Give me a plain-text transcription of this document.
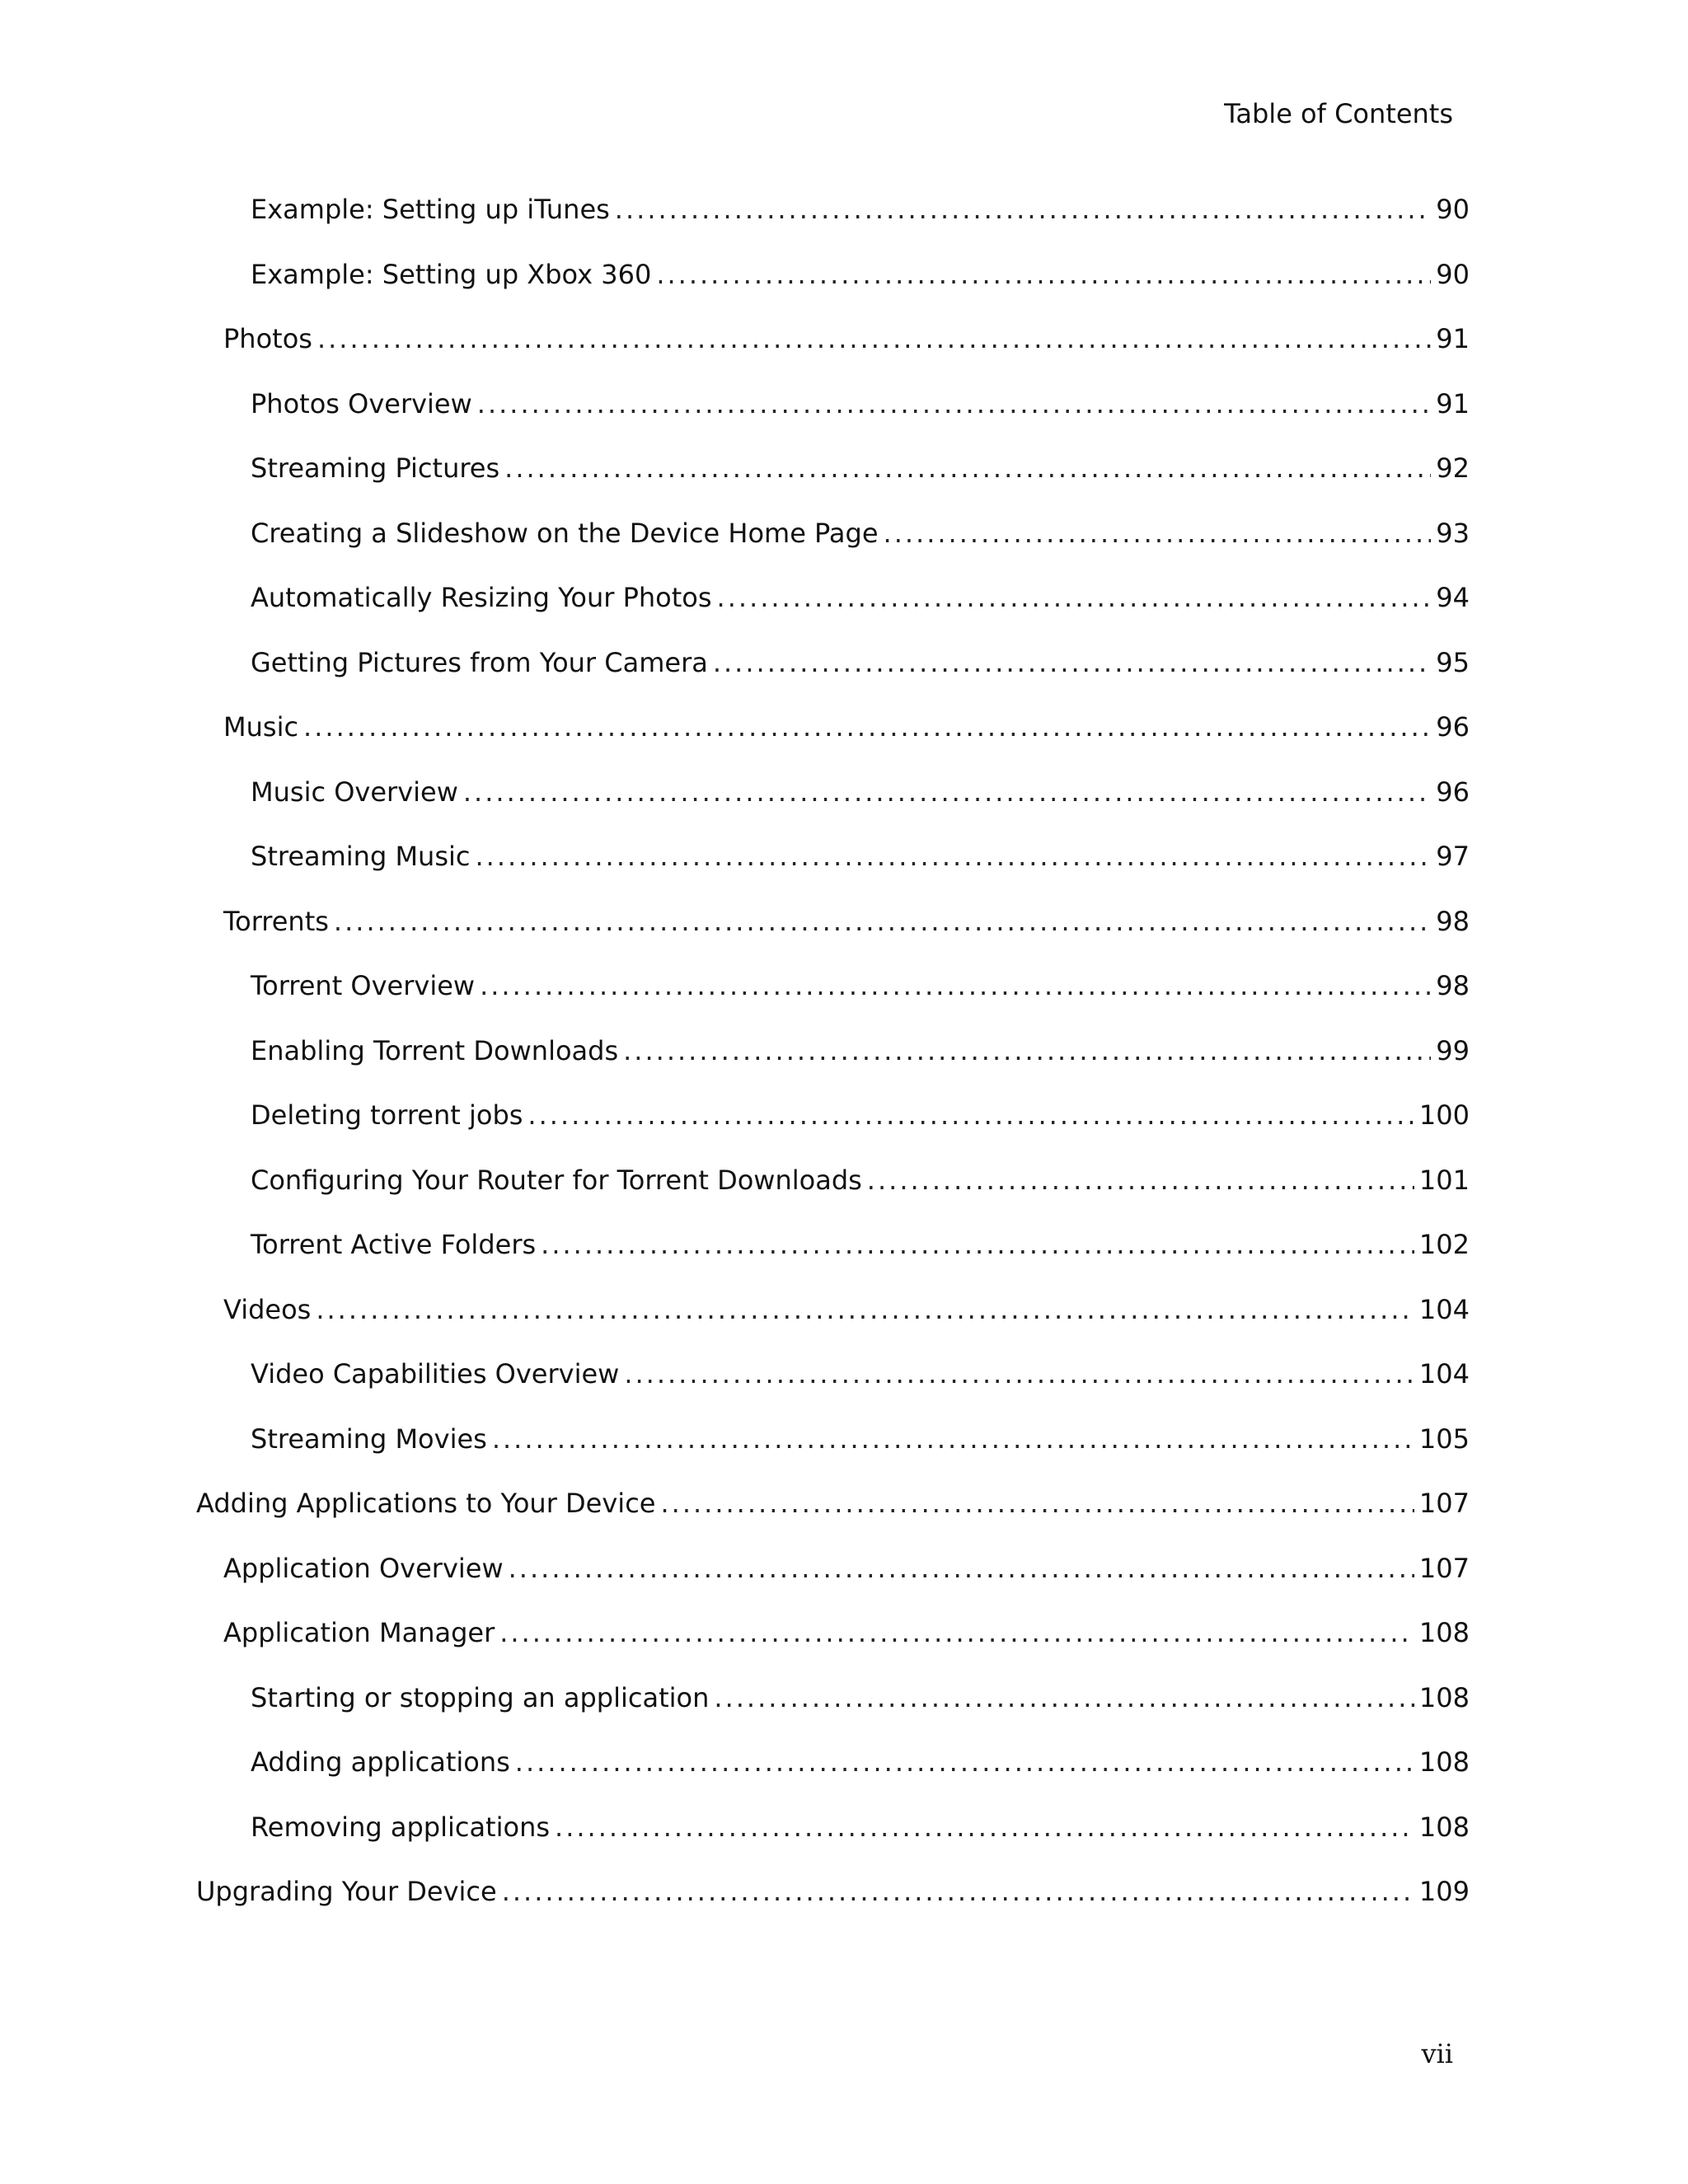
Table of Contents
Example: Setting up iTunes .....	90
Example: Setting up Xbox 360 .....	90
Photos .....	91
Photos Overview .....	91
Streaming Pictures .....	92
Creating a Slideshow on the Device Home Page .....	93
Automatically Resizing Your Photos .....	94
Getting Pictures from Your Camera .....	95
Music .....	96
Music Overview .....	96
Streaming Music .....	97
Torrents .....	98
Torrent Overview .....	98
Enabling Torrent Downloads .....	99
Deleting torrent jobs .....	100
Configuring Your Router for Torrent Downloads .....	101
Torrent Active Folders .....	102
Videos .....	104
Video Capabilities Overview .....	104
Streaming Movies .....	105
Adding Applications to Your Device .....	107
Application Overview .....	107
Application Manager .....	108
Starting or stopping an application .....	108
Adding applications .....	108
Removing applications .....	108
Upgrading Your Device .....	109
vii
